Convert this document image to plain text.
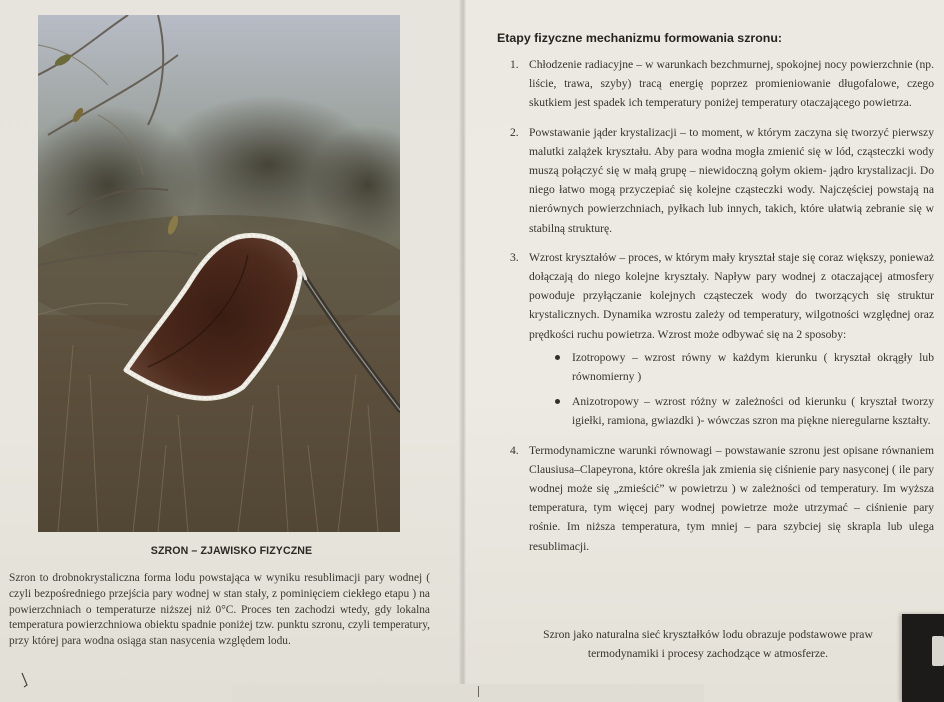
SZRON – ZJAWISKO FIZYCZNE
Szron to drobnokrystaliczna forma lodu powstająca w wyniku resublimacji pary wodnej ( czyli bezpośredniego przejścia pary wodnej w stan stały, z pominięciem ciekłego etapu ) na powierzchniach o temperaturze niższej niż 0°C. Proces ten zachodzi wtedy, gdy lokalna temperatura powierzchniowa obiektu spadnie poniżej tzw. punktu szronu, czyli temperatury, przy której para wodna osiąga stan nasycenia względem lodu.
Etapy fizyczne mechanizmu formowania szronu:
1. Chłodzenie radiacyjne – w warunkach bezchmurnej, spokojnej nocy powierzchnie (np. liście, trawa, szyby) tracą energię poprzez promieniowanie długofalowe, czego skutkiem jest spadek ich temperatury poniżej temperatury otaczającego powietrza.
2. Powstawanie jąder krystalizacji – to moment, w którym zaczyna się tworzyć pierwszy malutki zalążek kryształu. Aby para wodna mogła zmienić się w lód, cząsteczki wody muszą połączyć się w małą grupę – niewidoczną gołym okiem- jądro krystalizacji. Do niego łatwo mogą przyczepiać się kolejne cząsteczki wody. Najczęściej powstają na nierównych powierzchniach, pyłkach lub innych, takich, które ułatwią zebranie się w stabilną strukturę.
3. Wzrost kryształów – proces, w którym mały kryształ staje się coraz większy, ponieważ dołączają do niego kolejne kryształy. Napływ pary wodnej z otaczającej atmosfery powoduje przyłączanie kolejnych cząsteczek wody do tworzących się struktur krystalicznych. Dynamika wzrostu zależy od temperatury, wilgotności względnej oraz prędkości ruchu powietrza. Wzrost może odbywać się na 2 sposoby:
Izotropowy – wzrost równy w każdym kierunku ( kryształ okrągły lub równomierny )
Anizotropowy – wzrost różny w zależności od kierunku ( kryształ tworzy igiełki, ramiona, gwiazdki )- wówczas szron ma piękne nieregularne kształty.
4. Termodynamiczne warunki równowagi – powstawanie szronu jest opisane równaniem Clausiusa–Clapeyrona, które określa jak zmienia się ciśnienie pary nasyconej ( ile pary wodnej może się „zmieścić” w powietrzu ) w zależności od temperatury. Im wyższa temperatura, tym więcej pary wodnej powietrze może utrzymać – ciśnienie pary rośnie. Im niższa temperatura, tym mniej – para szybciej się skrapla lub ulega resublimacji.
Szron jako naturalna sieć kryształków lodu obrazuje podstawowe praw
termodynamiki i procesy zachodzące w atmosferze.
